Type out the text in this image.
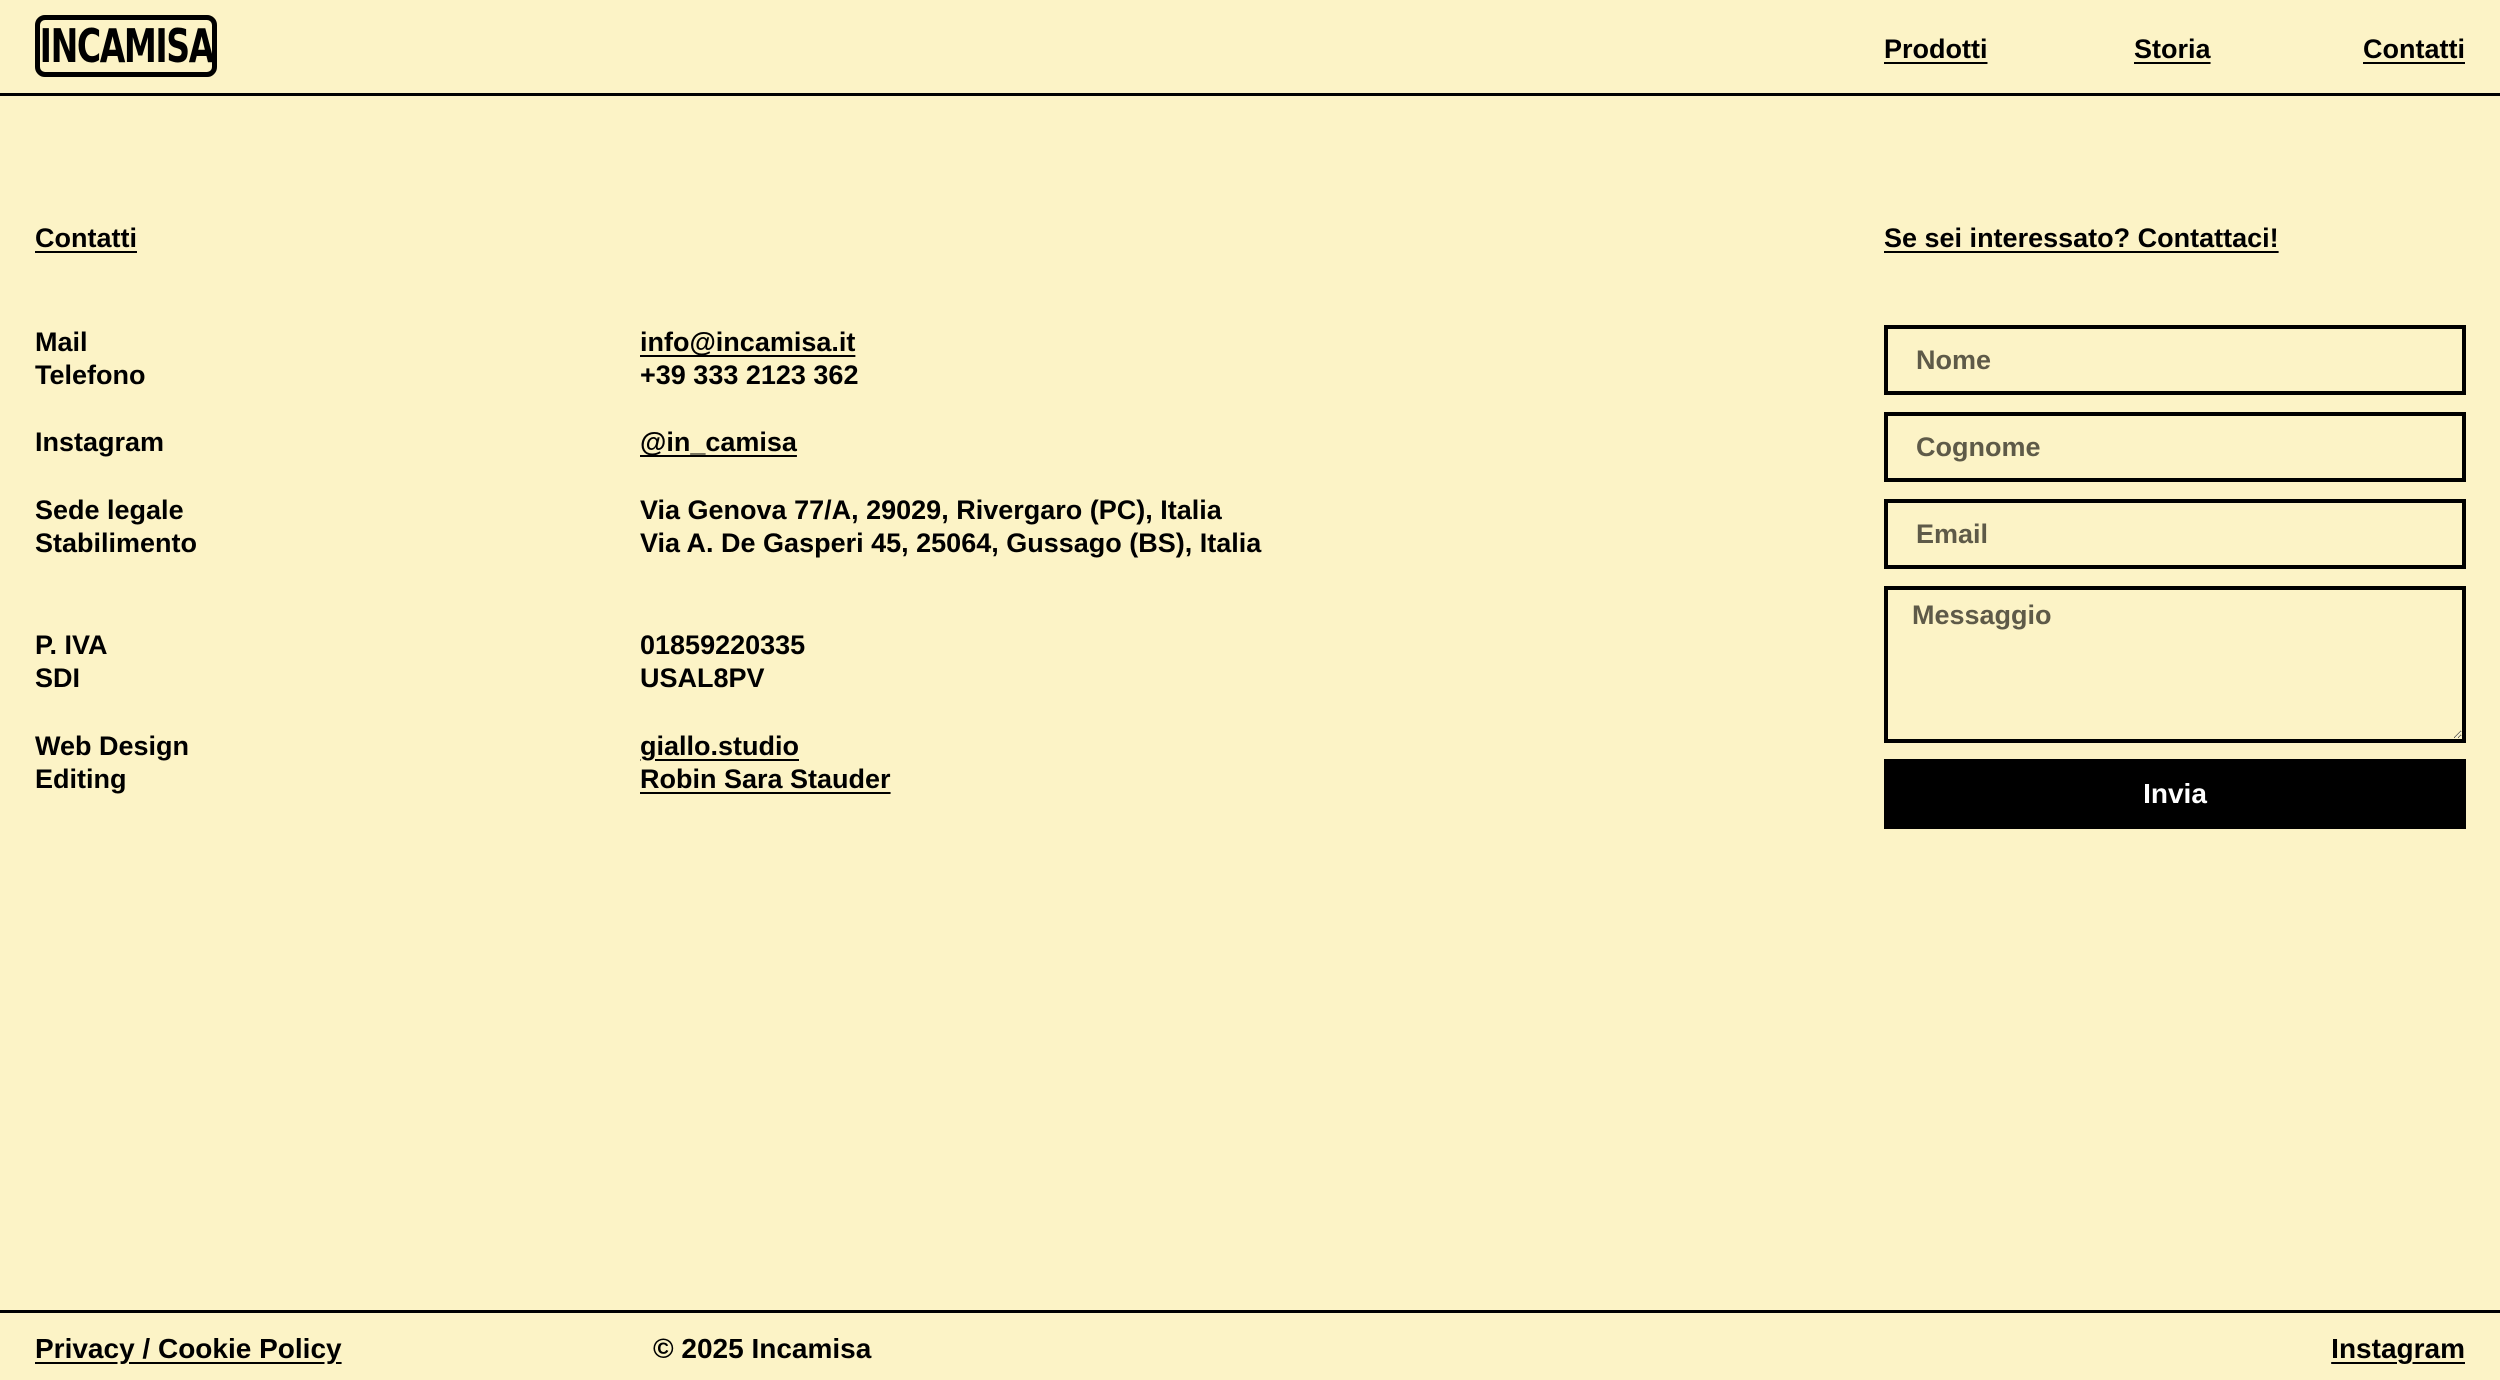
INCAMISA	Prodotti	Storia	Contatti
Contatti
Mail	info@incamisa.it
Telefono	+39 333 2123 362
Instagram	@in_camisa
Sede legale	Via Genova 77/A, 29029, Rivergaro (PC), Italia
Stabilimento	Via A. De Gasperi 45, 25064, Gussago (BS), Italia
P. IVA	01859220335
SDI	USAL8PV
Web Design	giallo.studio
Editing	Robin Sara Stauder
Se sei interessato? Contattaci!
Nome
Cognome
Email
Messaggio
Invia
Privacy / Cookie Policy	© 2025 Incamisa	Instagram
